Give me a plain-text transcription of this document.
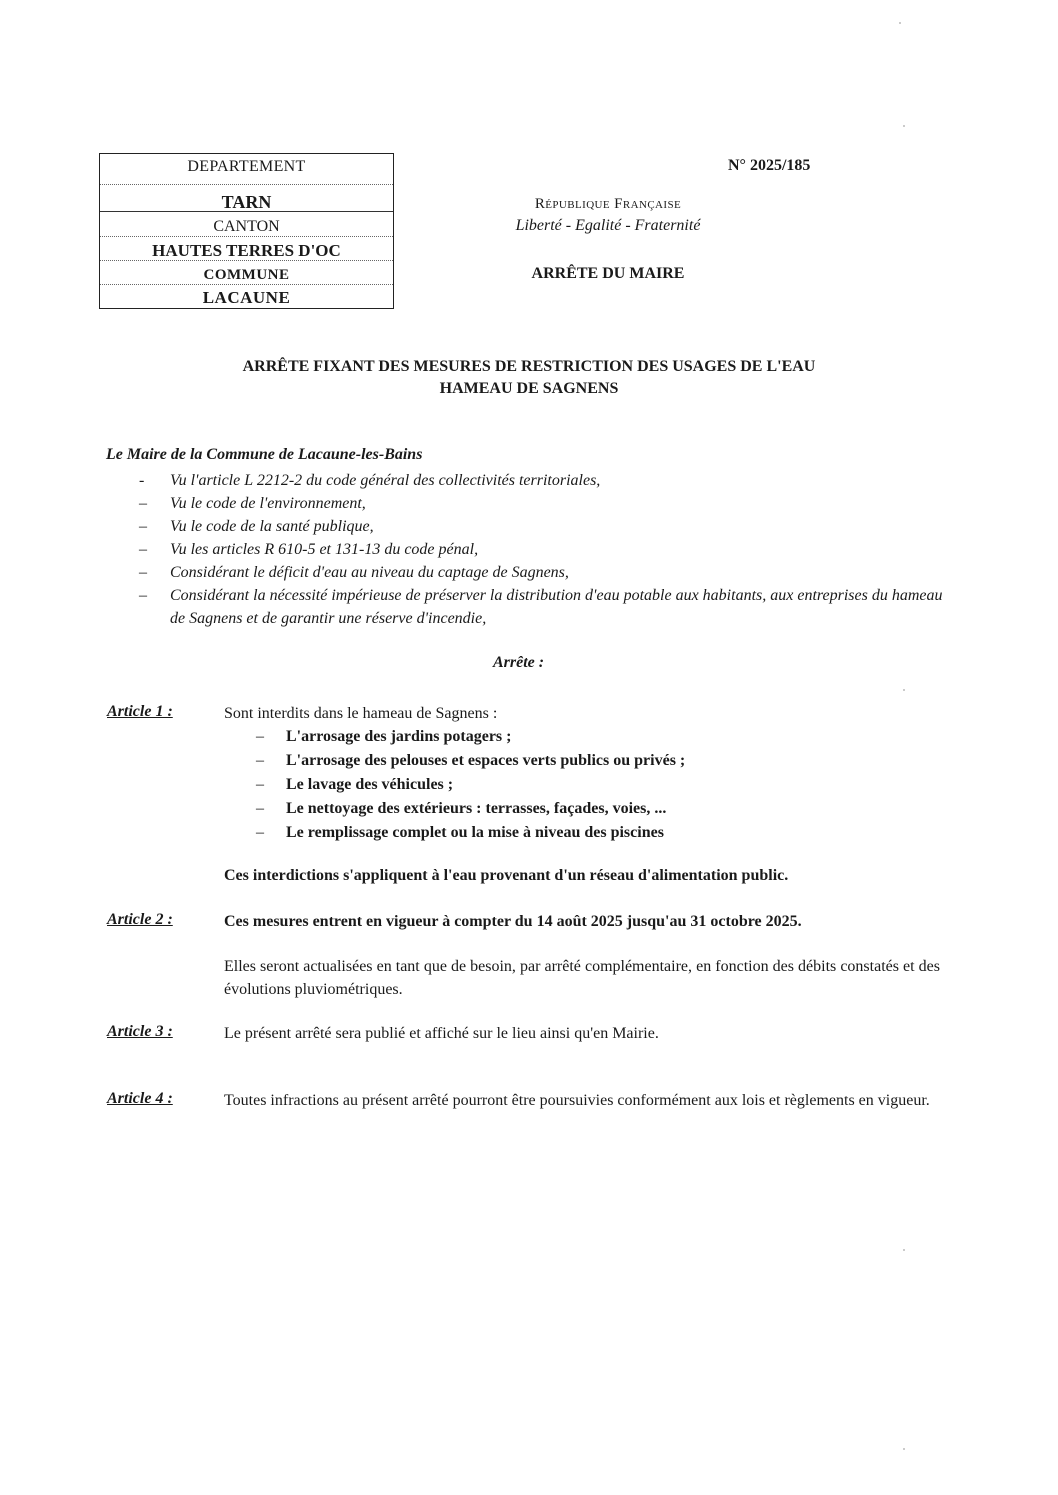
DEPARTEMENT
TARN
CANTON
HAUTES TERRES D'OC
COMMUNE
LACAUNE
N° 2025/185
République Française
Liberté - Egalité - Fraternité
ARRÊTE DU MAIRE
ARRÊTE FIXANT DES MESURES DE RESTRICTION DES USAGES DE L'EAU
HAMEAU DE SAGNENS
Le Maire de la Commune de Lacaune-les-Bains
- Vu l'article L 2212-2 du code général des collectivités territoriales,
– Vu le code de l'environnement,
– Vu le code de la santé publique,
– Vu les articles R 610-5 et 131-13 du code pénal,
– Considérant le déficit d'eau au niveau du captage de Sagnens,
– Considérant la nécessité impérieuse de préserver la distribution d'eau potable aux habitants, aux entreprises du hameau de Sagnens et de garantir une réserve d'incendie,
Arrête :
Article 1 :	Sont interdits dans le hameau de Sagnens :
– L'arrosage des jardins potagers ;
– L'arrosage des pelouses et espaces verts publics ou privés ;
– Le lavage des véhicules ;
– Le nettoyage des extérieurs : terrasses, façades, voies, ...
– Le remplissage complet ou la mise à niveau des piscines
Ces interdictions s'appliquent à l'eau provenant d'un réseau d'alimentation public.
Article 2 :	Ces mesures entrent en vigueur à compter du 14 août 2025 jusqu'au 31 octobre 2025.
Elles seront actualisées en tant que de besoin, par arrêté complémentaire, en fonction des débits constatés et des évolutions pluviométriques.
Article 3 :	Le présent arrêté sera publié et affiché sur le lieu ainsi qu'en Mairie.
Article 4 :	Toutes infractions au présent arrêté pourront être poursuivies conformément aux lois et règlements en vigueur.
